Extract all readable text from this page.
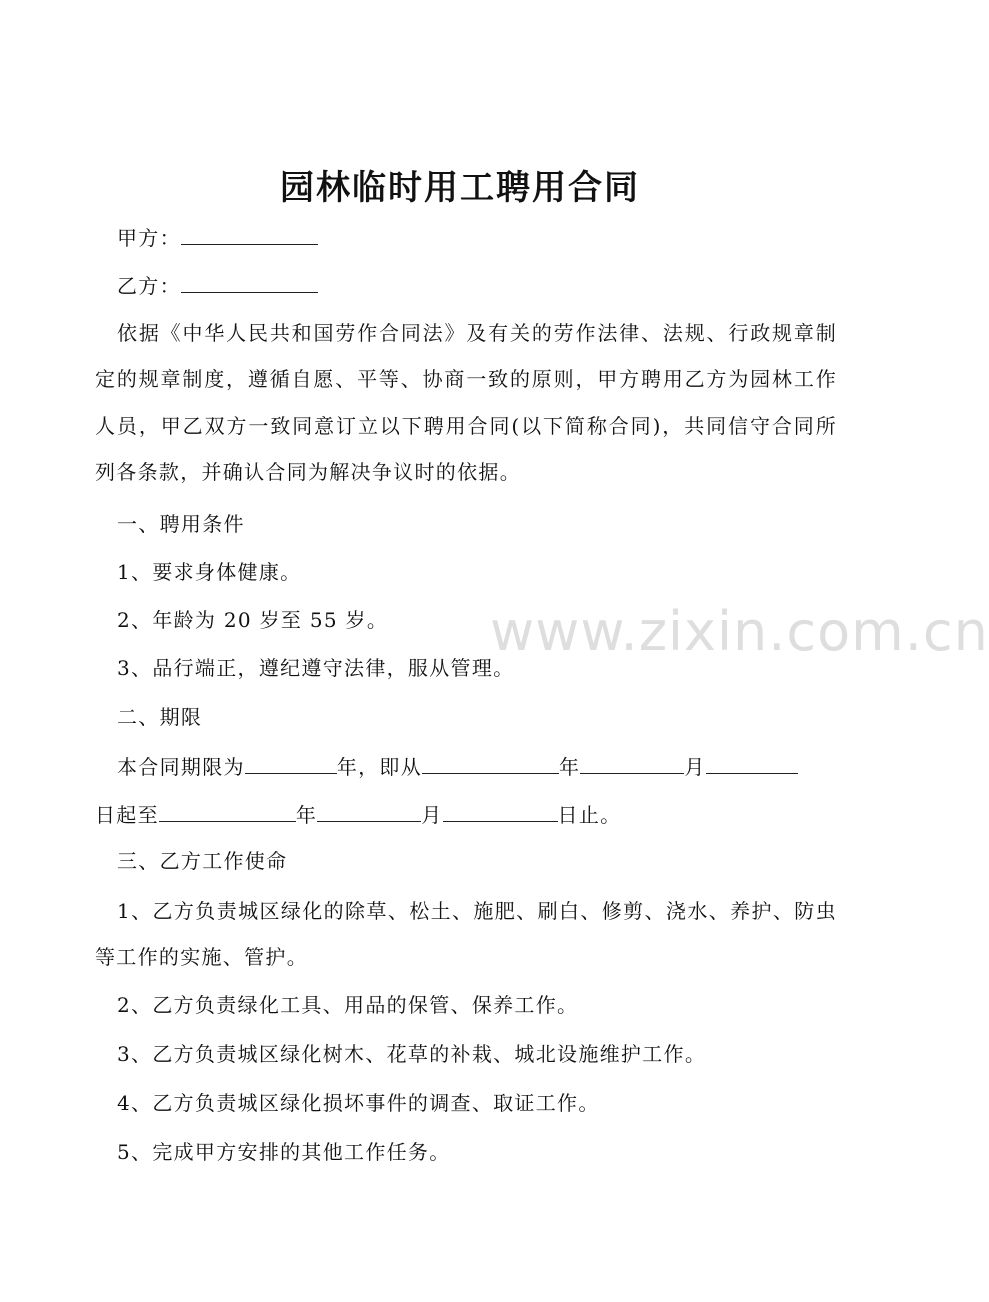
www.zixin.com.cn
园林临时用工聘用合同
甲方：
乙方：
依据《中华人民共和国劳作合同法》及有关的劳作法律、法规、行政规章制定的规章制度，遵循自愿、平等、协商一致的原则，甲方聘用乙方为园林工作人员，甲乙双方一致同意订立以下聘用合同(以下简称合同)，共同信守合同所列各条款，并确认合同为解决争议时的依据。
一、聘用条件
1、要求身体健康。
2、年龄为 20 岁至 55 岁。
3、品行端正，遵纪遵守法律，服从管理。
二、期限
本合同期限为	年，即从	年	月
日起至	年	月	日止。
三、乙方工作使命
1、乙方负责城区绿化的除草、松土、施肥、刷白、修剪、浇水、养护、防虫等工作的实施、管护。
2、乙方负责绿化工具、用品的保管、保养工作。
3、乙方负责城区绿化树木、花草的补栽、城北设施维护工作。
4、乙方负责城区绿化损坏事件的调查、取证工作。
5、完成甲方安排的其他工作任务。
